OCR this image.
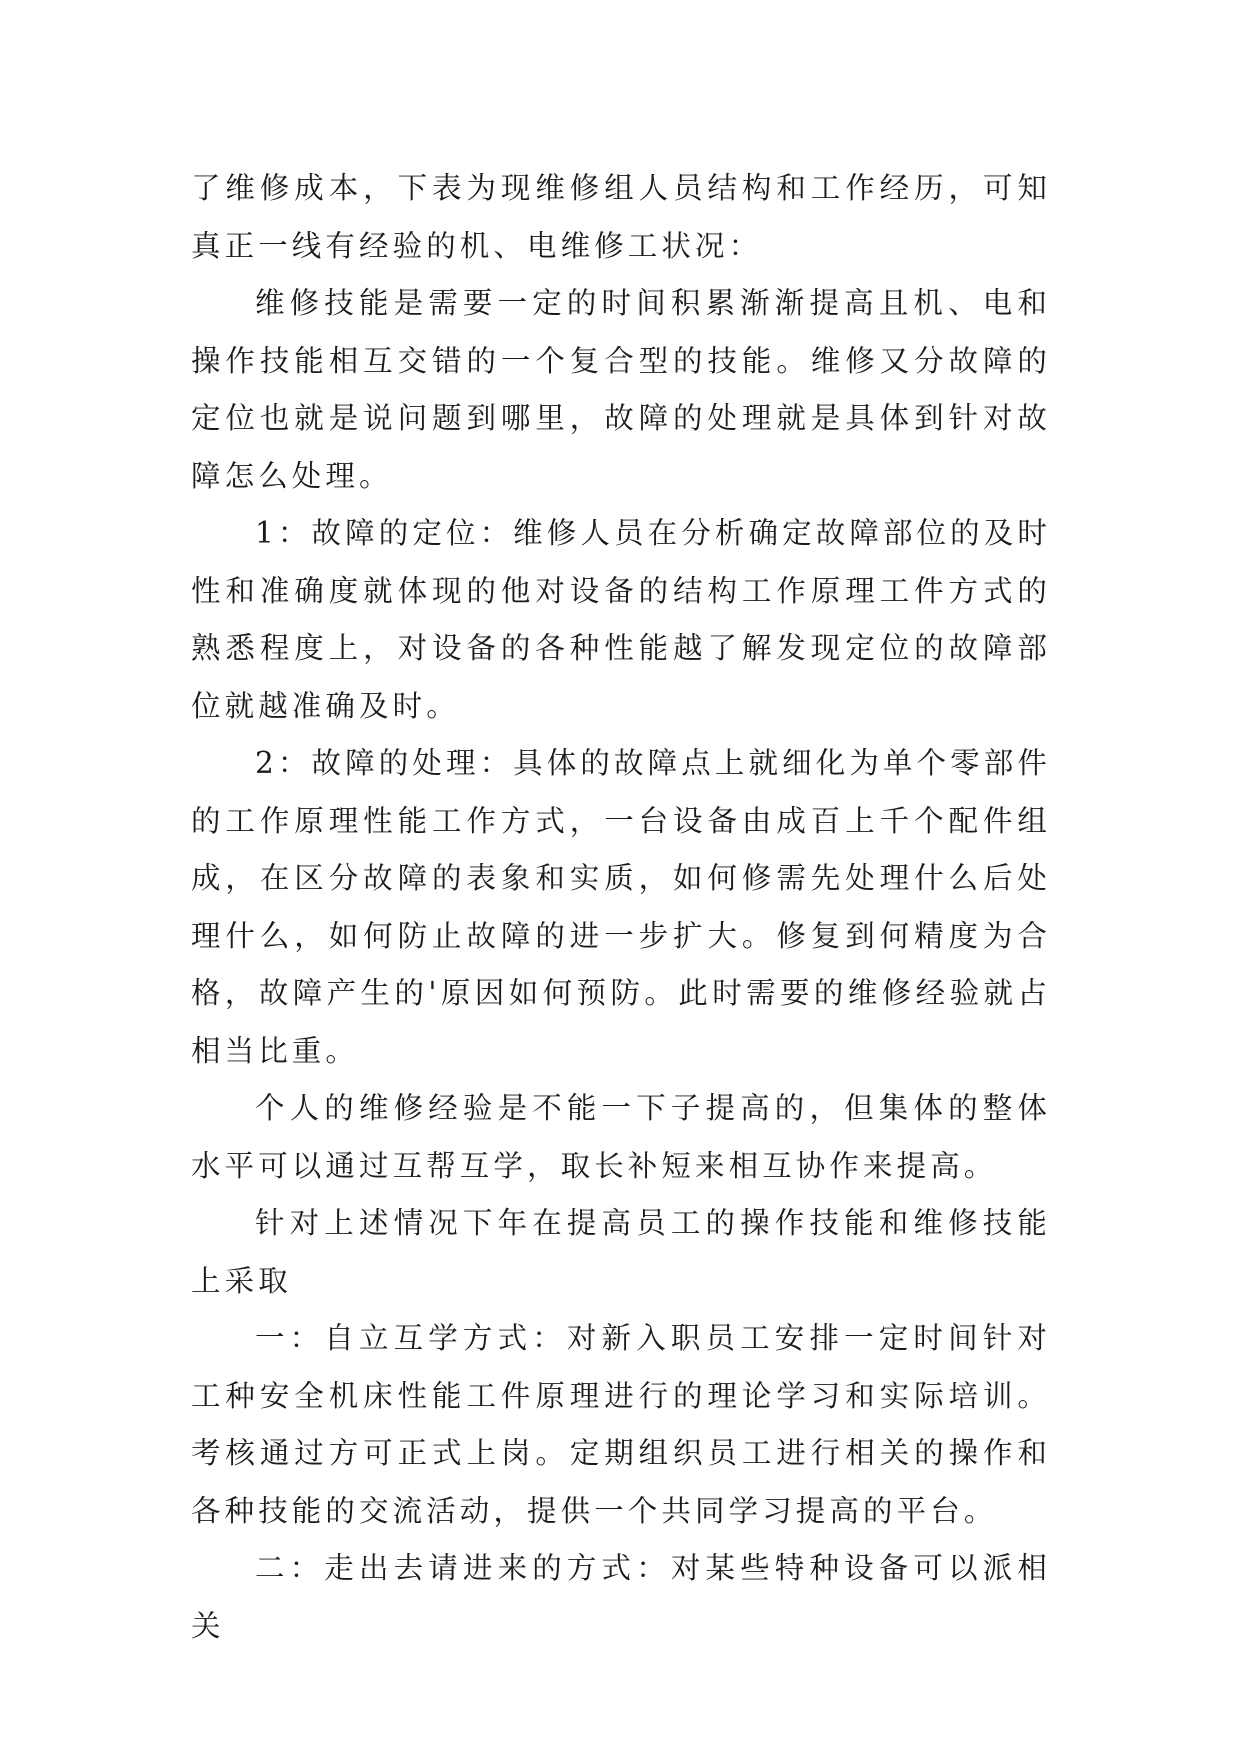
了维修成本，下表为现维修组人员结构和工作经历，可知真正一线有经验的机、电维修工状况：

维修技能是需要一定的时间积累渐渐提高且机、电和操作技能相互交错的一个复合型的技能。维修又分故障的定位也就是说问题到哪里，故障的处理就是具体到针对故障怎么处理。

1：故障的定位：维修人员在分析确定故障部位的及时性和准确度就体现的他对设备的结构工作原理工件方式的熟悉程度上，对设备的各种性能越了解发现定位的故障部位就越准确及时。

2：故障的处理：具体的故障点上就细化为单个零部件的工作原理性能工作方式，一台设备由成百上千个配件组成，在区分故障的表象和实质，如何修需先处理什么后处理什么，如何防止故障的进一步扩大。修复到何精度为合格，故障产生的'原因如何预防。此时需要的维修经验就占相当比重。

个人的维修经验是不能一下子提高的，但集体的整体水平可以通过互帮互学，取长补短来相互协作来提高。

针对上述情况下年在提高员工的操作技能和维修技能上采取

一：自立互学方式：对新入职员工安排一定时间针对工种安全机床性能工件原理进行的理论学习和实际培训。考核通过方可正式上岗。定期组织员工进行相关的操作和各种技能的交流活动，提供一个共同学习提高的平台。

二：走出去请进来的方式：对某些特种设备可以派相关
